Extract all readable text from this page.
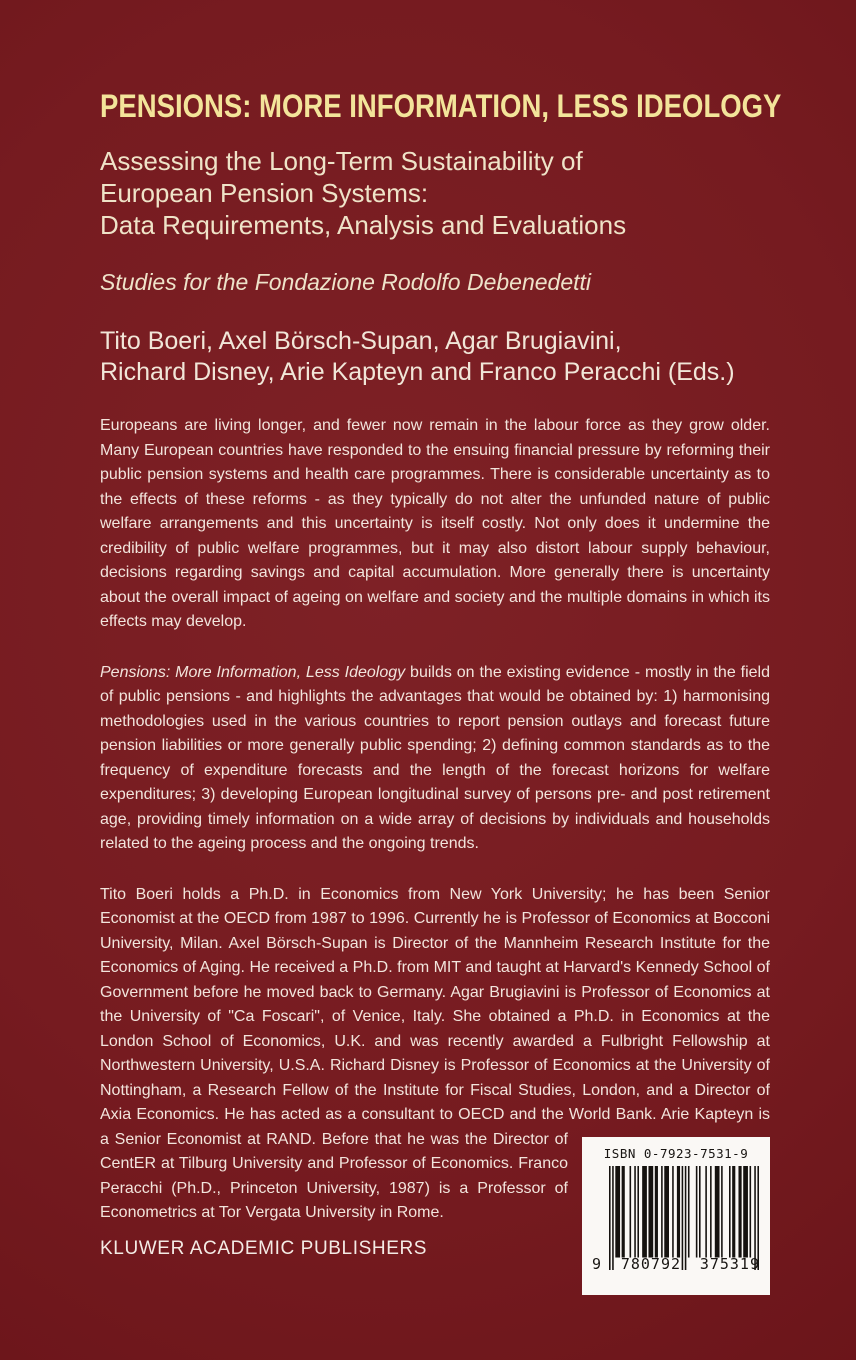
PENSIONS: MORE INFORMATION, LESS IDEOLOGY
Assessing the Long-Term Sustainability of
European Pension Systems:
Data Requirements, Analysis and Evaluations
Studies for the Fondazione Rodolfo Debenedetti
Tito Boeri, Axel Börsch-Supan, Agar Brugiavini,
Richard Disney, Arie Kapteyn and Franco Peracchi (Eds.)

Europeans are living longer, and fewer now remain in the labour force as they grow older. Many European countries have responded to the ensuing financial pressure by reforming their public pension systems and health care programmes. There is considerable uncertainty as to the effects of these reforms - as they typically do not alter the unfunded nature of public welfare arrangements and this uncertainty is itself costly. Not only does it undermine the credibility of public welfare programmes, but it may also distort labour supply behaviour, decisions regarding savings and capital accumulation. More generally there is uncertainty about the overall impact of ageing on welfare and society and the multiple domains in which its effects may develop.

Pensions: More Information, Less Ideology builds on the existing evidence - mostly in the field of public pensions - and highlights the advantages that would be obtained by: 1) harmonising methodologies used in the various countries to report pension outlays and forecast future pension liabilities or more generally public spending; 2) defining common standards as to the frequency of expenditure forecasts and the length of the forecast horizons for welfare expenditures; 3) developing European longitudinal survey of persons pre- and post retirement age, providing timely information on a wide array of decisions by individuals and households related to the ageing process and the ongoing trends.

ISBN 0-7923-7531-9
9 780792 375319

Tito Boeri holds a Ph.D. in Economics from New York University; he has been Senior Economist at the OECD from 1987 to 1996. Currently he is Professor of Economics at Bocconi University, Milan. Axel Börsch-Supan is Director of the Mannheim Research Institute for the Economics of Aging. He received a Ph.D. from MIT and taught at Harvard's Kennedy School of Government before he moved back to Germany. Agar Brugiavini is Professor of Economics at the University of "Ca Foscari", of Venice, Italy. She obtained a Ph.D. in Economics at the London School of Economics, U.K. and was recently awarded a Fulbright Fellowship at Northwestern University, U.S.A. Richard Disney is Professor of Economics at the University of Nottingham, a Research Fellow of the Institute for Fiscal Studies, London, and a Director of Axia Economics. He has acted as a consultant to OECD and the World Bank. Arie Kapteyn is a Senior Economist at RAND. Before that he was the Director of CentER at Tilburg University and Professor of Economics. Franco Peracchi (Ph.D., Princeton University, 1987) is a Professor of Econometrics at Tor Vergata University in Rome.

KLUWER ACADEMIC PUBLISHERS
